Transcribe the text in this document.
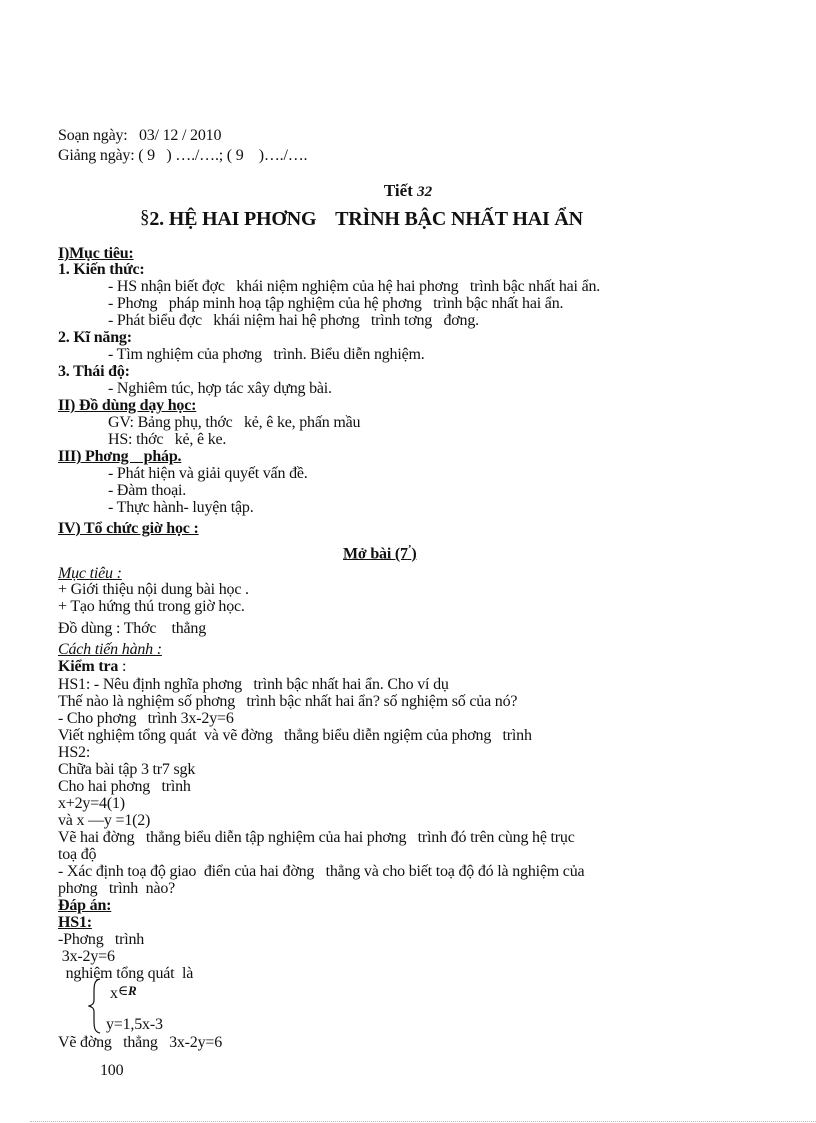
Soạn ngày:   03/ 12 / 2010
Giảng ngày: ( 9   ) …./….; ( 9    )…./….
Tiết 32
§2. HỆ HAI PHƠNG    TRÌNH BẬC NHẤT HAI ẨN
I)Mục tiêu:
1. Kiến thức:
- HS nhận biết đợc   khái niệm nghiệm của hệ hai phơng   trình bậc nhất hai ẩn.
- Phơng   pháp minh hoạ tập nghiệm của hệ phơng   trình bậc nhất hai ẩn.
- Phát biểu đợc   khái niệm hai hệ phơng   trình tơng   đơng.
2. Kĩ năng:
- Tìm nghiệm của phơng   trình. Biểu diễn nghiệm.
3. Thái độ:
- Nghiêm túc, hợp tác xây dựng bài.
II) Đồ dùng dạy học:
GV: Bảng phụ, thớc   kẻ, ê ke, phấn mầu
HS: thớc   kẻ, ê ke.
III) Phơng    pháp.
- Phát hiện và giải quyết vấn đề.
- Đàm thoại.
- Thực hành- luyện tập.
IV) Tổ chức giờ học :
Mở bài (7’)
Mục tiêu :
+ Giới thiệu nội dung bài học .
+ Tạo hứng thú trong giờ học.
Đồ dùng : Thớc    thẳng
Cách tiến hành :
Kiểm tra :
HS1: - Nêu định nghĩa phơng   trình bậc nhất hai ẩn. Cho ví dụ
Thế nào là nghiệm số phơng   trình bậc nhất hai ẩn? số nghiệm số của nó?
- Cho phơng   trình 3x-2y=6
Viết nghiệm tổng quát  và vẽ đờng   thẳng biểu diễn ngiệm của phơng   trình
HS2:
Chữa bài tập 3 tr7 sgk
Cho hai phơng   trình
x+2y=4(1)
và x —y =1(2)
Vẽ hai đờng   thẳng biểu diễn tập nghiệm của hai phơng   trình đó trên cùng hệ trục
toạ độ
- Xác định toạ độ giao  điển của hai đờng   thẳng và cho biết toạ độ đó là nghiệm của
phơng   trình  nào?
Đáp án:
HS1:
-Phơng   trình
3x-2y=6
nghiệm tổng quát  là
x∈R
y=1,5x-3
Vẽ đờng   thẳng   3x-2y=6
100
